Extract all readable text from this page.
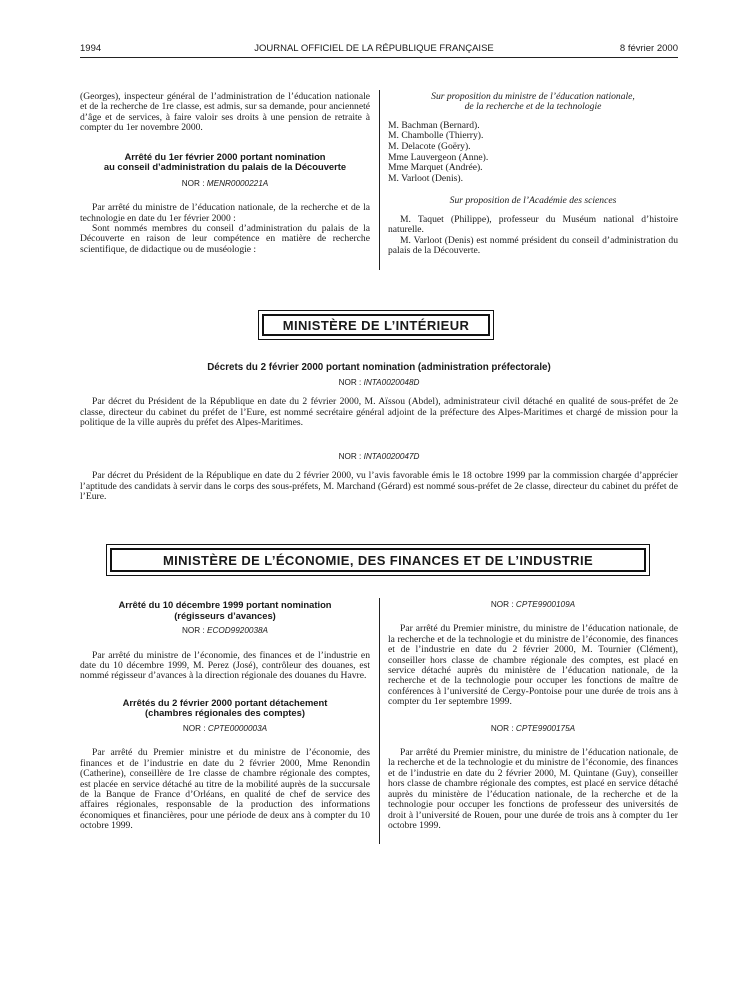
1994	JOURNAL OFFICIEL DE LA RÉPUBLIQUE FRANÇAISE	8 février 2000

(Georges), inspecteur général de l’administration de l’éducation nationale et de la recherche de 1re classe, est admis, sur sa demande, pour ancienneté d’âge et de services, à faire valoir ses droits à une pension de retraite à compter du 1er novembre 2000.

Arrêté du 1er février 2000 portant nomination
au conseil d’administration du palais de la Découverte
NOR : MENR0000221A

Par arrêté du ministre de l’éducation nationale, de la recherche et de la technologie en date du 1er février 2000 :

Sont nommés membres du conseil d’administration du palais de la Découverte en raison de leur compétence en matière de recherche scientifique, de didactique ou de muséologie :

Sur proposition du ministre de l’éducation nationale,
de la recherche et de la technologie
M. Bachman (Bernard).
M. Chambolle (Thierry).
M. Delacote (Goëry).
Mme Lauvergeon (Anne).
Mme Marquet (Andrée).
M. Varloot (Denis).
Sur proposition de l’Académie des sciences

M. Taquet (Philippe), professeur du Muséum national d’histoire naturelle.

M. Varloot (Denis) est nommé président du conseil d’administration du palais de la Découverte.

MINISTÈRE DE L’INTÉRIEUR
Décrets du 2 février 2000 portant nomination (administration préfectorale)
NOR : INTA0020048D

Par décret du Président de la République en date du 2 février 2000, M. Aïssou (Abdel), administrateur civil détaché en qualité de sous-préfet de 2e classe, directeur du cabinet du préfet de l’Eure, est nommé secrétaire général adjoint de la préfecture des Alpes-Maritimes et chargé de mission pour la politique de la ville auprès du préfet des Alpes-Maritimes.

NOR : INTA0020047D

Par décret du Président de la République en date du 2 février 2000, vu l’avis favorable émis le 18 octobre 1999 par la commission chargée d’apprécier l’aptitude des candidats à servir dans le corps des sous-préfets, M. Marchand (Gérard) est nommé sous-préfet de 2e classe, directeur du cabinet du préfet de l’Eure.

MINISTÈRE DE L’ÉCONOMIE, DES FINANCES ET DE L’INDUSTRIE
Arrêté du 10 décembre 1999 portant nomination
(régisseurs d’avances)
NOR : ECOD9920038A

Par arrêté du ministre de l’économie, des finances et de l’industrie en date du 10 décembre 1999, M. Perez (José), contrôleur des douanes, est nommé régisseur d’avances à la direction régionale des douanes du Havre.

Arrêtés du 2 février 2000 portant détachement
(chambres régionales des comptes)
NOR : CPTE0000003A

Par arrêté du Premier ministre et du ministre de l’économie, des finances et de l’industrie en date du 2 février 2000, Mme Renondin (Catherine), conseillère de 1re classe de chambre régionale des comptes, est placée en service détaché au titre de la mobilité auprès de la succursale de la Banque de France d’Orléans, en qualité de chef de service des affaires régionales, responsable de la production des informations économiques et financières, pour une période de deux ans à compter du 10 octobre 1999.

NOR : CPTE9900109A

Par arrêté du Premier ministre, du ministre de l’éducation nationale, de la recherche et de la technologie et du ministre de l’économie, des finances et de l’industrie en date du 2 février 2000, M. Tournier (Clément), conseiller hors classe de chambre régionale des comptes, est placé en service détaché auprès du ministère de l’éducation nationale, de la recherche et de la technologie pour occuper les fonctions de maître de conférences à l’université de Cergy-Pontoise pour une durée de trois ans à compter du 1er septembre 1999.

NOR : CPTE9900175A

Par arrêté du Premier ministre, du ministre de l’éducation nationale, de la recherche et de la technologie et du ministre de l’économie, des finances et de l’industrie en date du 2 février 2000, M. Quintane (Guy), conseiller hors classe de chambre régionale des comptes, est placé en service détaché auprès du ministère de l’éducation nationale, de la recherche et de la technologie pour occuper les fonctions de professeur des universités de droit à l’université de Rouen, pour une durée de trois ans à compter du 1er octobre 1999.
